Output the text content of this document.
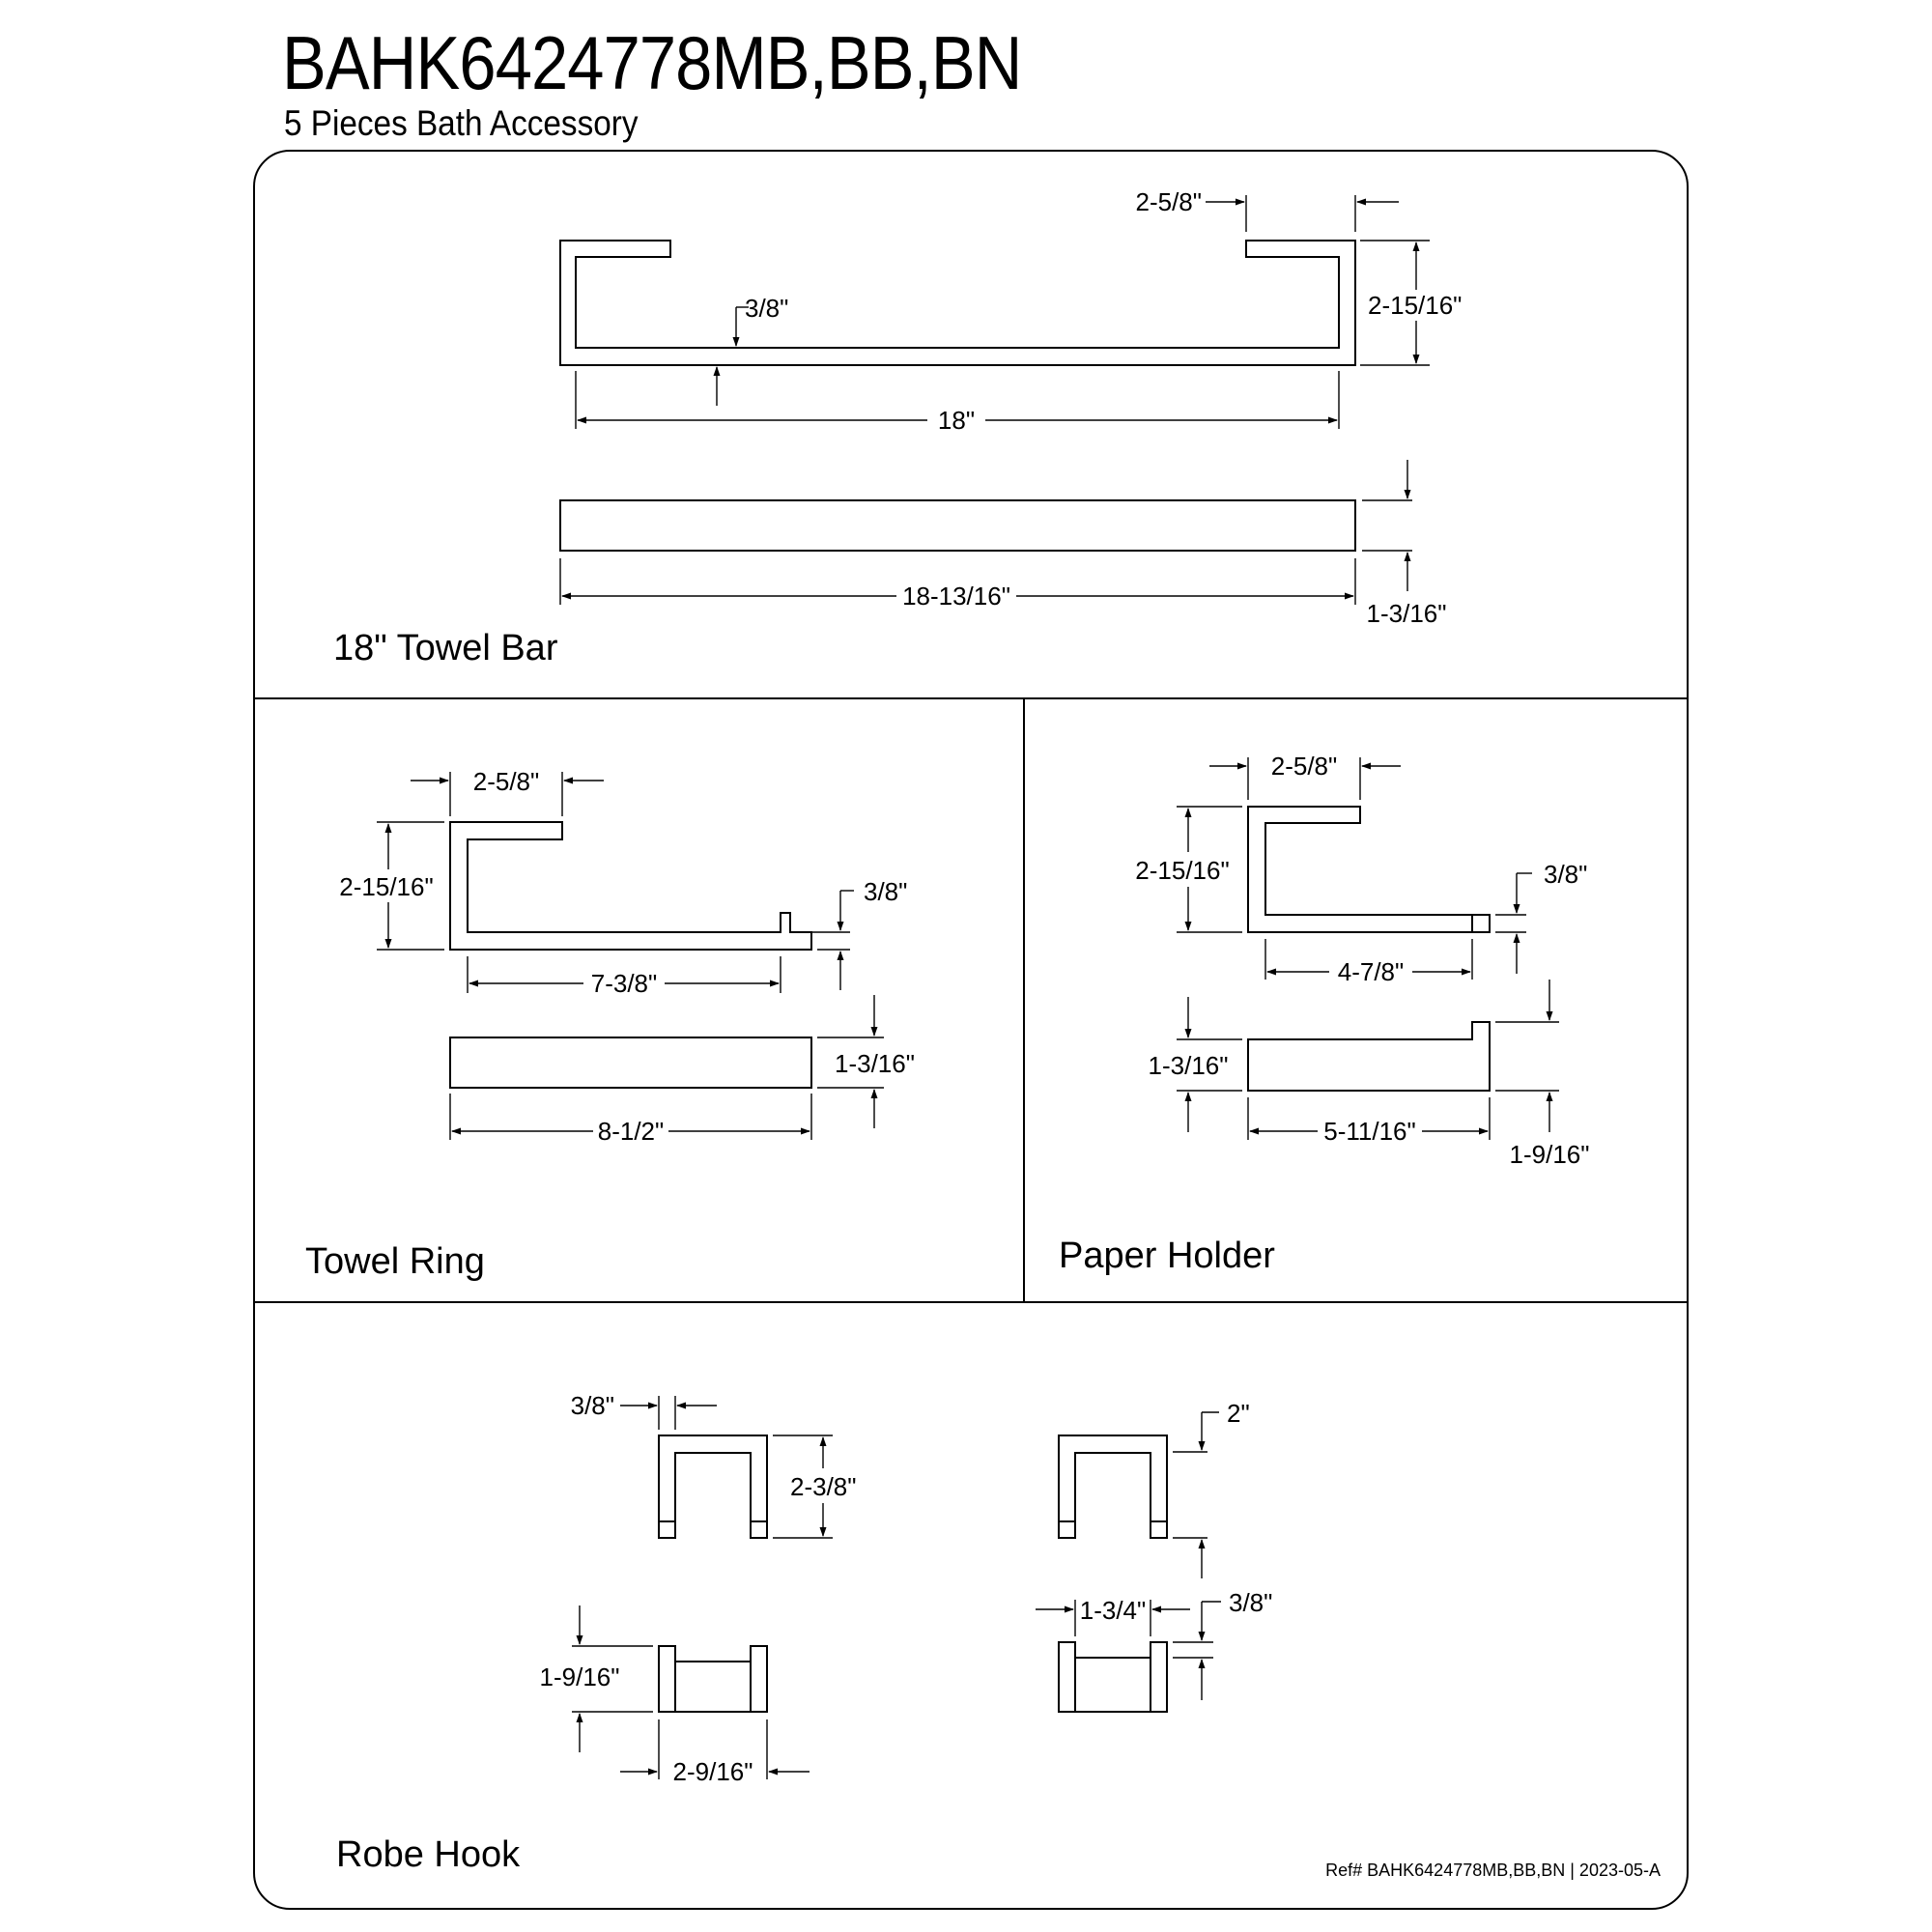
BAHK6424778MB,BB,BN
5 Pieces Bath Accessory
2-5/8"
2-15/16"
3/8"
18"
18-13/16"
1-3/16"
18" Towel Bar
2-5/8"
2-15/16"	3/8"
7-3/8"
1-3/16"
8-1/2"
Towel Ring
2-5/8"
2-15/16"	3/8"
4-7/8"
1-3/16"
5-11/16"
1-9/16"
Paper Holder
3/8"
2-3/8"
1-9/16"
2-9/16"
2"
1-3/4"	3/8"
Robe Hook	Ref# BAHK6424778MB,BB,BN | 2023-05-A
